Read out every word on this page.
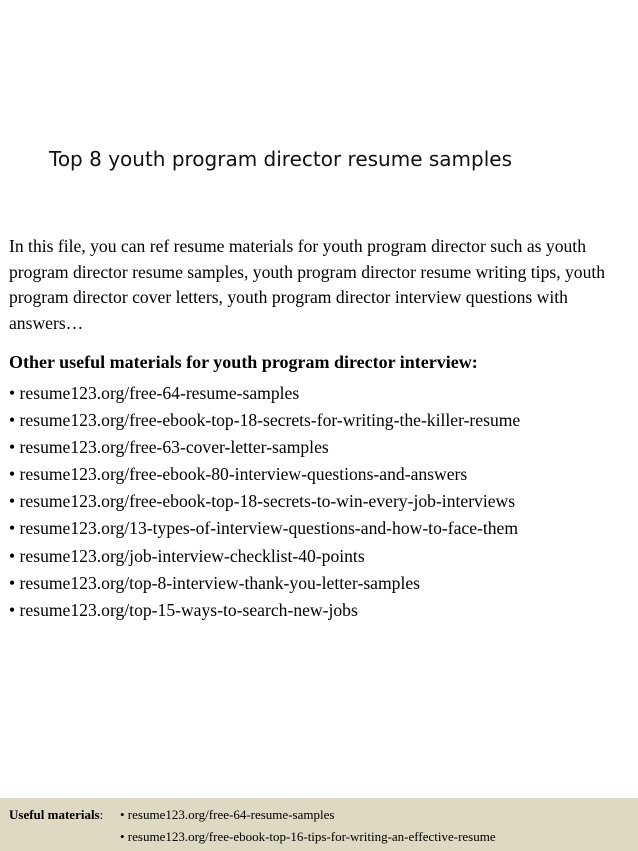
Top 8 youth program director resume samples

In this file, you can ref resume materials for youth program director such as youth program director resume samples, youth program director resume writing tips, youth program director cover letters, youth program director interview questions with answers…

Other useful materials for youth program director interview:

• resume123.org/free-64-resume-samples
• resume123.org/free-ebook-top-18-secrets-for-writing-the-killer-resume
• resume123.org/free-63-cover-letter-samples
• resume123.org/free-ebook-80-interview-questions-and-answers
• resume123.org/free-ebook-top-18-secrets-to-win-every-job-interviews
• resume123.org/13-types-of-interview-questions-and-how-to-face-them
• resume123.org/job-interview-checklist-40-points
• resume123.org/top-8-interview-thank-you-letter-samples
• resume123.org/top-15-ways-to-search-new-jobs
Useful materials: • resume123.org/free-64-resume-samples
• resume123.org/free-ebook-top-16-tips-for-writing-an-effective-resume
